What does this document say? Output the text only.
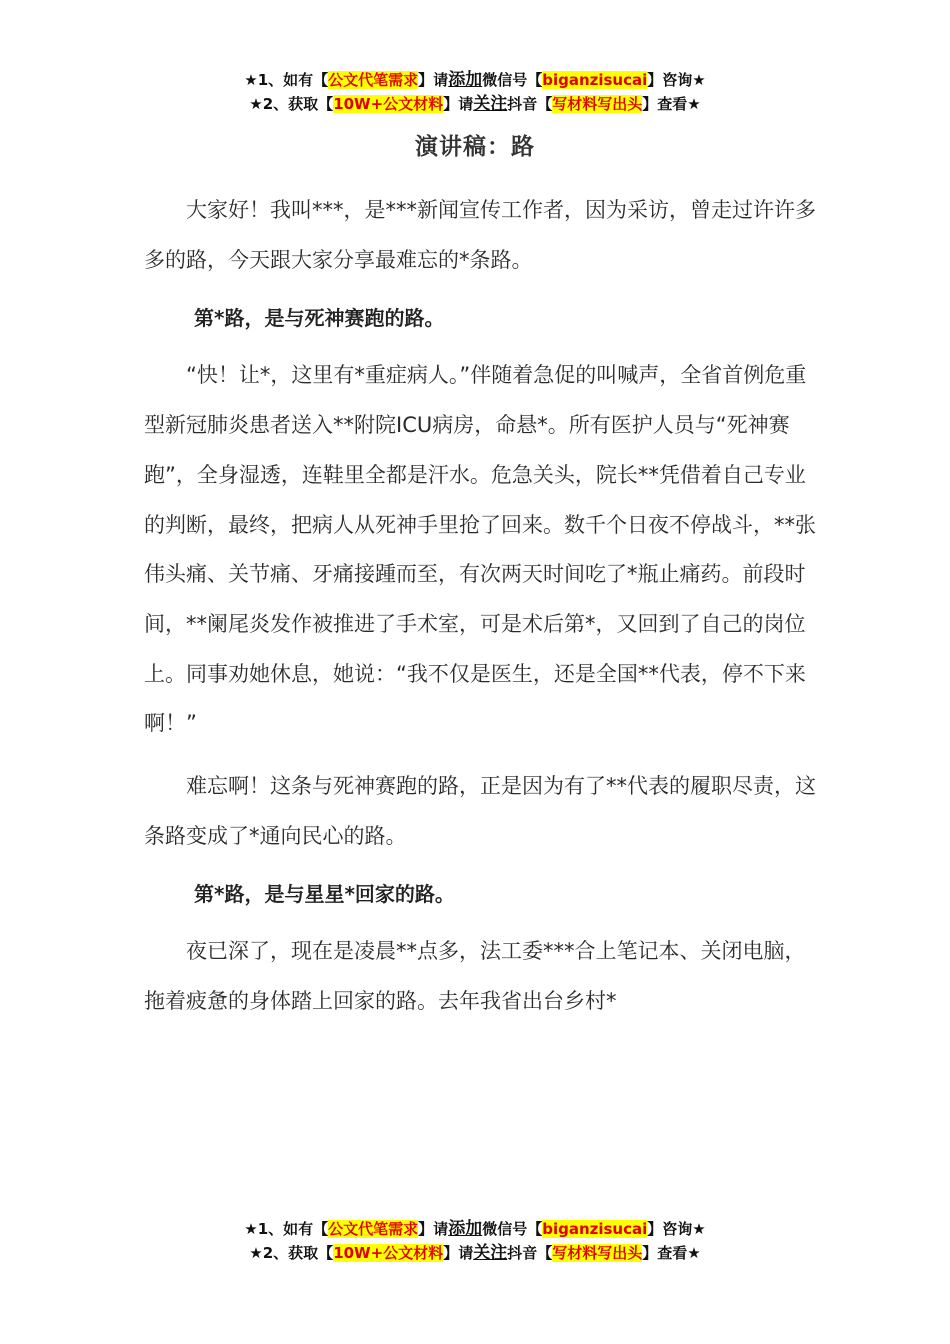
★1、如有【公文代笔需求】请添加微信号【biganzisucai】咨询★
★2、获取【10W+公文材料】请关注抖音【写材料写出头】查看★
演讲稿：路

大家好！我叫***，是***新闻宣传工作者，因为采访，曾走过许许多多的路，今天跟大家分享最难忘的*条路。

第*路，是与死神赛跑的路。

“快！让*，这里有*重症病人。”伴随着急促的叫喊声，全省首例危重型新冠肺炎患者送入**附院ICU病房，命悬*。所有医护人员与“死神赛跑”，全身湿透，连鞋里全都是汗水。危急关头，院长**凭借着自己专业的判断，最终，把病人从死神手里抢了回来。数千个日夜不停战斗，**张伟头痛、关节痛、牙痛接踵而至，有次两天时间吃了*瓶止痛药。前段时间，**阑尾炎发作被推进了手术室，可是术后第*，又回到了自己的岗位上。同事劝她休息，她说：“我不仅是医生，还是全国**代表，停不下来啊！”

难忘啊！这条与死神赛跑的路，正是因为有了**代表的履职尽责，这条路变成了*通向民心的路。

第*路，是与星星*回家的路。

夜已深了，现在是凌晨**点多，法工委***合上笔记本、关闭电脑，拖着疲惫的身体踏上回家的路。去年我省出台乡村*

★1、如有【公文代笔需求】请添加微信号【biganzisucai】咨询★
★2、获取【10W+公文材料】请关注抖音【写材料写出头】查看★
